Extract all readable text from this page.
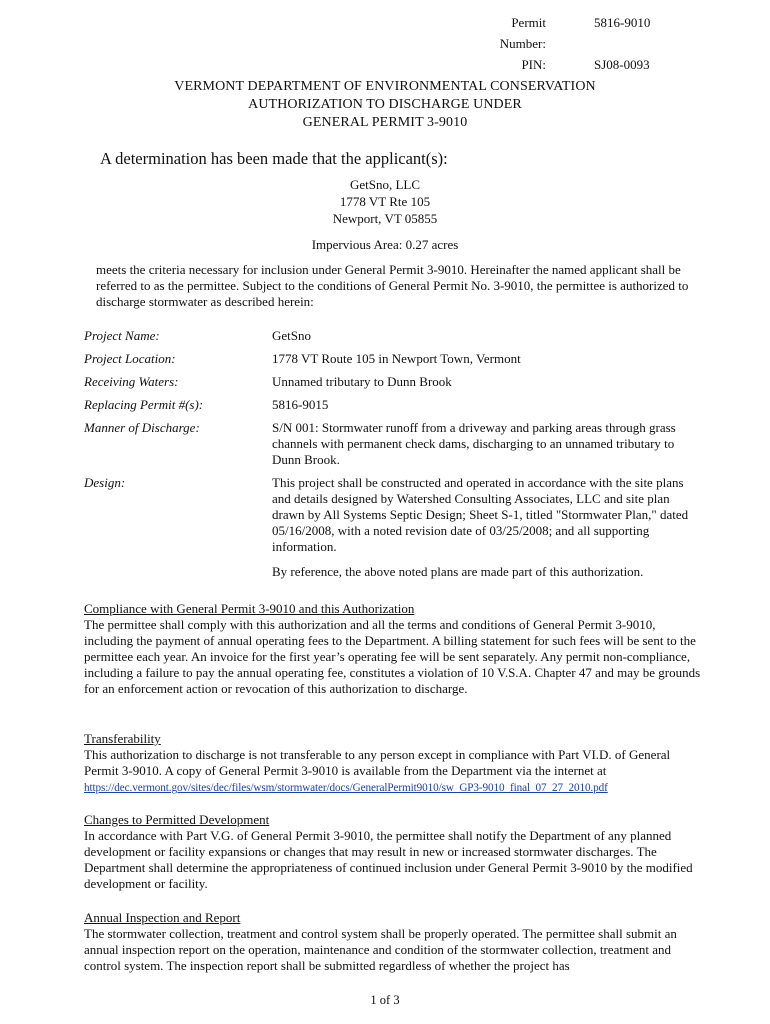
Permit Number:
5816-9010
PIN:	SJ08-0093
VERMONT DEPARTMENT OF ENVIRONMENTAL CONSERVATION
AUTHORIZATION TO DISCHARGE UNDER
GENERAL PERMIT 3-9010
A determination has been made that the applicant(s):
GetSno, LLC
1778 VT Rte 105
Newport, VT 05855
Impervious Area: 0.27 acres
meets the criteria necessary for inclusion under General Permit 3-9010. Hereinafter the named applicant shall be referred to as the permittee. Subject to the conditions of General Permit No. 3-9010, the permittee is authorized to discharge stormwater as described herein:
Project Name:	GetSno
Project Location:	1778 VT Route 105 in Newport Town, Vermont
Receiving Waters:	Unnamed tributary to Dunn Brook
Replacing Permit #(s):	5816-9015
Manner of Discharge:	S/N 001: Stormwater runoff from a driveway and parking areas through grass channels with permanent check dams, discharging to an unnamed tributary to Dunn Brook.
Design:	This project shall be constructed and operated in accordance with the site plans and details designed by Watershed Consulting Associates, LLC and site plan drawn by All Systems Septic Design; Sheet S-1, titled "Stormwater Plan," dated 05/16/2008, with a noted revision date of 03/25/2008; and all supporting information.

By reference, the above noted plans are made part of this authorization.

Compliance with General Permit 3-9010 and this Authorization
The permittee shall comply with this authorization and all the terms and conditions of General Permit 3-9010, including the payment of annual operating fees to the Department. A billing statement for such fees will be sent to the permittee each year. An invoice for the first year’s operating fee will be sent separately. Any permit non-compliance, including a failure to pay the annual operating fee, constitutes a violation of 10 V.S.A. Chapter 47 and may be grounds for an enforcement action or revocation of this authorization to discharge.
Transferability
This authorization to discharge is not transferable to any person except in compliance with Part VI.D. of General Permit 3-9010. A copy of General Permit 3-9010 is available from the Department via the internet at
https://dec.vermont.gov/sites/dec/files/wsm/stormwater/docs/GeneralPermit9010/sw_GP3-9010_final_07_27_2010.pdf
Changes to Permitted Development
In accordance with Part V.G. of General Permit 3-9010, the permittee shall notify the Department of any planned development or facility expansions or changes that may result in new or increased stormwater discharges. The Department shall determine the appropriateness of continued inclusion under General Permit 3-9010 by the modified development or facility.
Annual Inspection and Report
The stormwater collection, treatment and control system shall be properly operated. The permittee shall submit an annual inspection report on the operation, maintenance and condition of the stormwater collection, treatment and control system. The inspection report shall be submitted regardless of whether the project has
1 of 3
